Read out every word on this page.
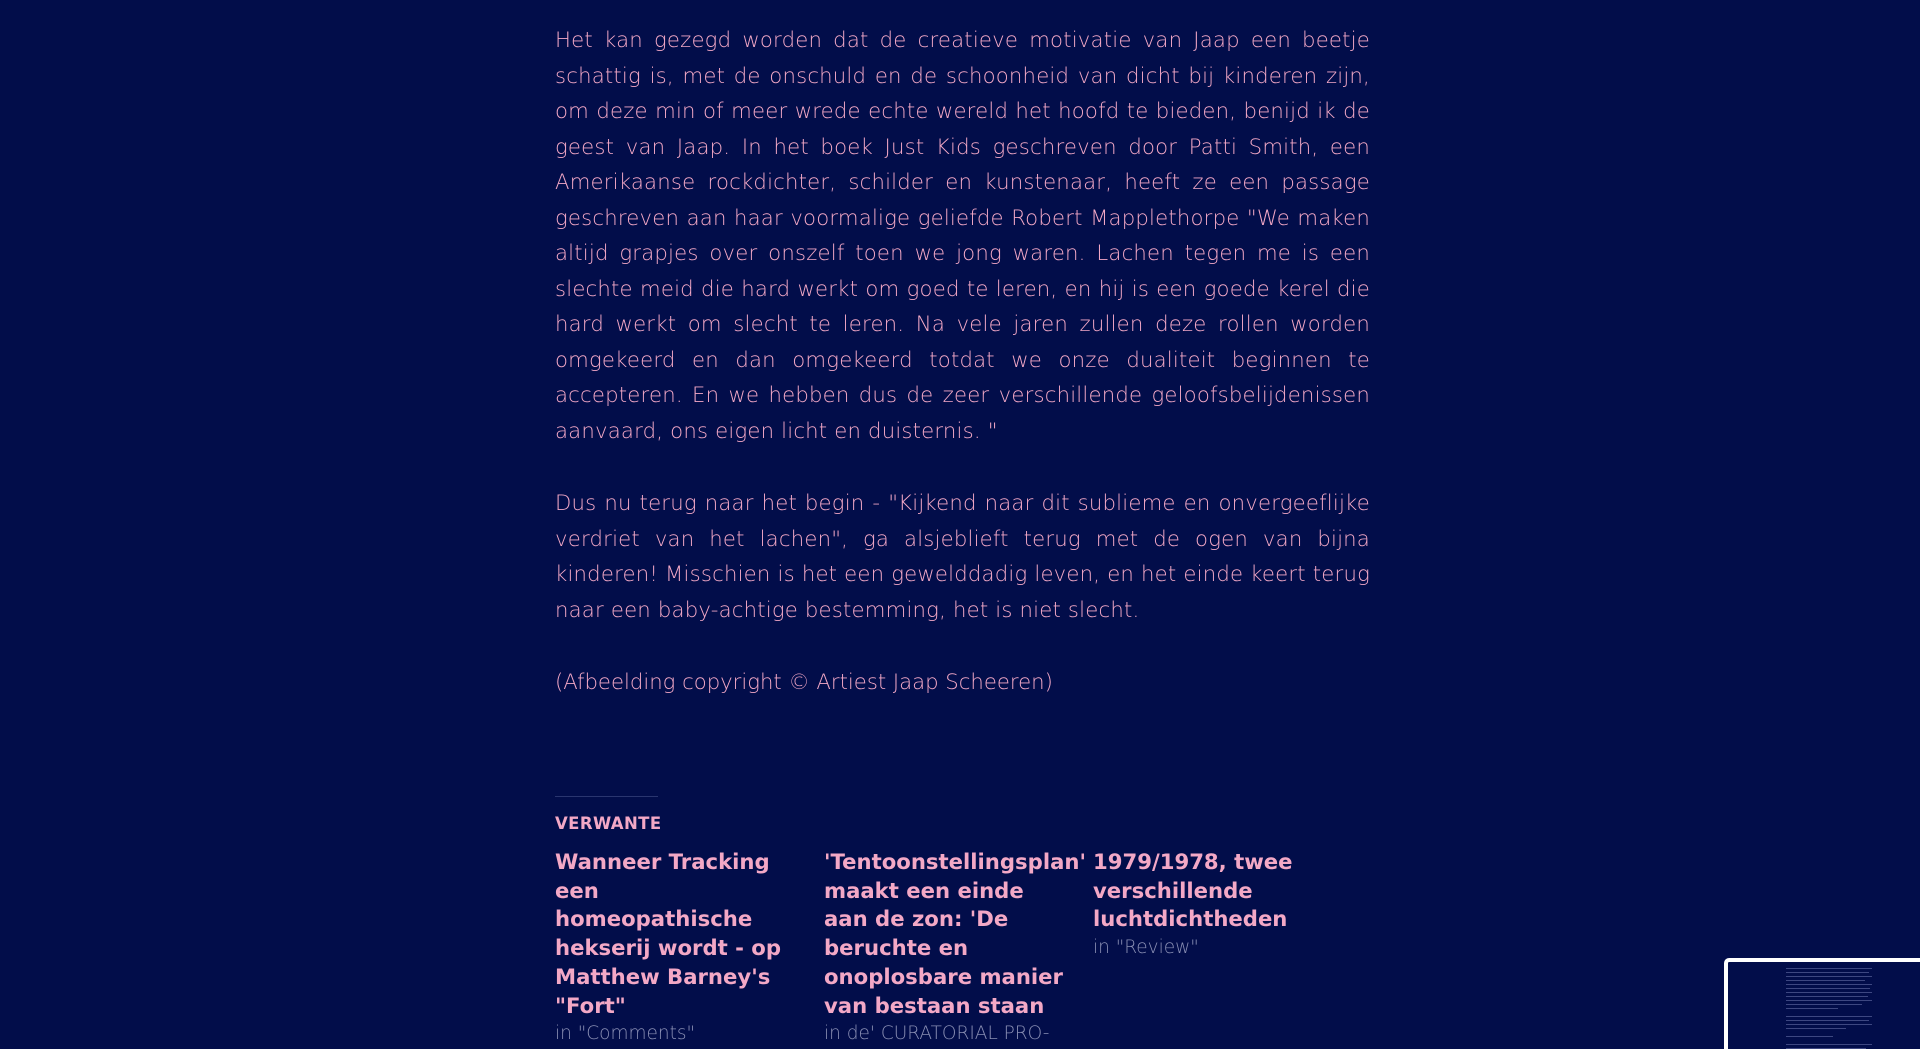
Het kan gezegd worden dat de creatieve motivatie van Jaap een beetje schattig is, met de onschuld en de schoonheid van dicht bij kinderen zijn, om deze min of meer wrede echte wereld het hoofd te bieden, benijd ik de geest van Jaap. In het boek Just Kids geschreven door Patti Smith, een Amerikaanse rockdichter, schilder en kunstenaar, heeft ze een passage geschreven aan haar voormalige geliefde Robert Mapplethorpe "We maken altijd grapjes over onszelf toen we jong waren. Lachen tegen me is een slechte meid die hard werkt om goed te leren, en hij is een goede kerel die hard werkt om slecht te leren. Na vele jaren zullen deze rollen worden omgekeerd en dan omgekeerd totdat we onze dualiteit beginnen te accepteren. En we hebben dus de zeer verschillende geloofsbelijdenissen aanvaard, ons eigen licht en duisternis. "

Dus nu terug naar het begin - "Kijkend naar dit sublieme en onvergeeflijke verdriet van het lachen", ga alsjeblieft terug met de ogen van bijna kinderen! Misschien is het een gewelddadig leven, en het einde keert terug naar een baby-achtige bestemming, het is niet slecht.

(Afbeelding copyright © Artiest Jaap Scheeren)

VERWANTE
Wanneer Tracking een homeopathische hekserij wordt - op Matthew Barney's "Fort"
in "Comments"
'Tentoonstellingsplan' maakt een einde aan de zon: 'De beruchte en onoplosbare manier van bestaan staan
in de' CURATORIAL PRO-
1979/1978, twee verschillende luchtdichtheden
in "Review"
